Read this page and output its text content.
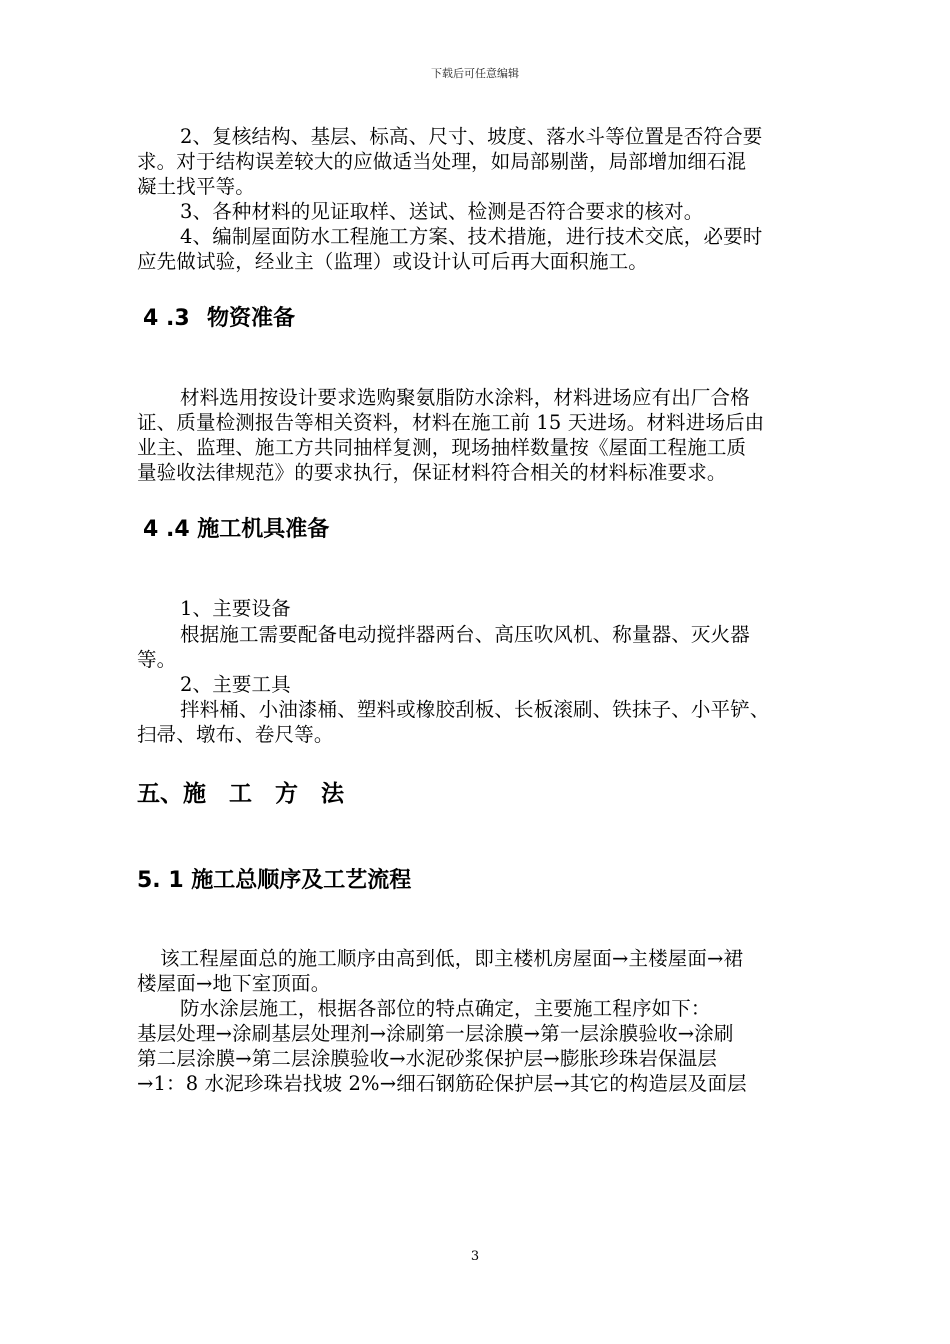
下载后可任意编辑
2、复核结构、基层、标高、尺寸、坡度、落水斗等位置是否符合要
求。对于结构误差较大的应做适当处理，如局部剔凿，局部增加细石混
凝土找平等。
3、各种材料的见证取样、送试、检测是否符合要求的核对。
4、编制屋面防水工程施工方案、技术措施，进行技术交底，必要时
应先做试验，经业主（监理）或设计认可后再大面积施工。
4 .3 物资准备
材料选用按设计要求选购聚氨脂防水涂料，材料进场应有出厂合格
证、质量检测报告等相关资料，材料在施工前 15 天进场。材料进场后由
业主、监理、施工方共同抽样复测，现场抽样数量按《屋面工程施工质
量验收法律规范》的要求执行，保证材料符合相关的材料标准要求。
4 .4 施工机具准备
1、主要设备
根据施工需要配备电动搅拌器两台、高压吹风机、称量器、灭火器
等。
2、主要工具
拌料桶、小油漆桶、塑料或橡胶刮板、长板滚刷、铁抹子、小平铲、
扫帚、墩布、卷尺等。
五、施　工　方　法
5. 1 施工总顺序及工艺流程
该工程屋面总的施工顺序由高到低，即主楼机房屋面→主楼屋面→裙
楼屋面→地下室顶面。
防水涂层施工，根据各部位的特点确定，主要施工程序如下：
基层处理→涂刷基层处理剂→涂刷第一层涂膜→第一层涂膜验收→涂刷
第二层涂膜→第二层涂膜验收→水泥砂浆保护层→膨胀珍珠岩保温层
→1：8 水泥珍珠岩找坡 2%→细石钢筋砼保护层→其它的构造层及面层
3
